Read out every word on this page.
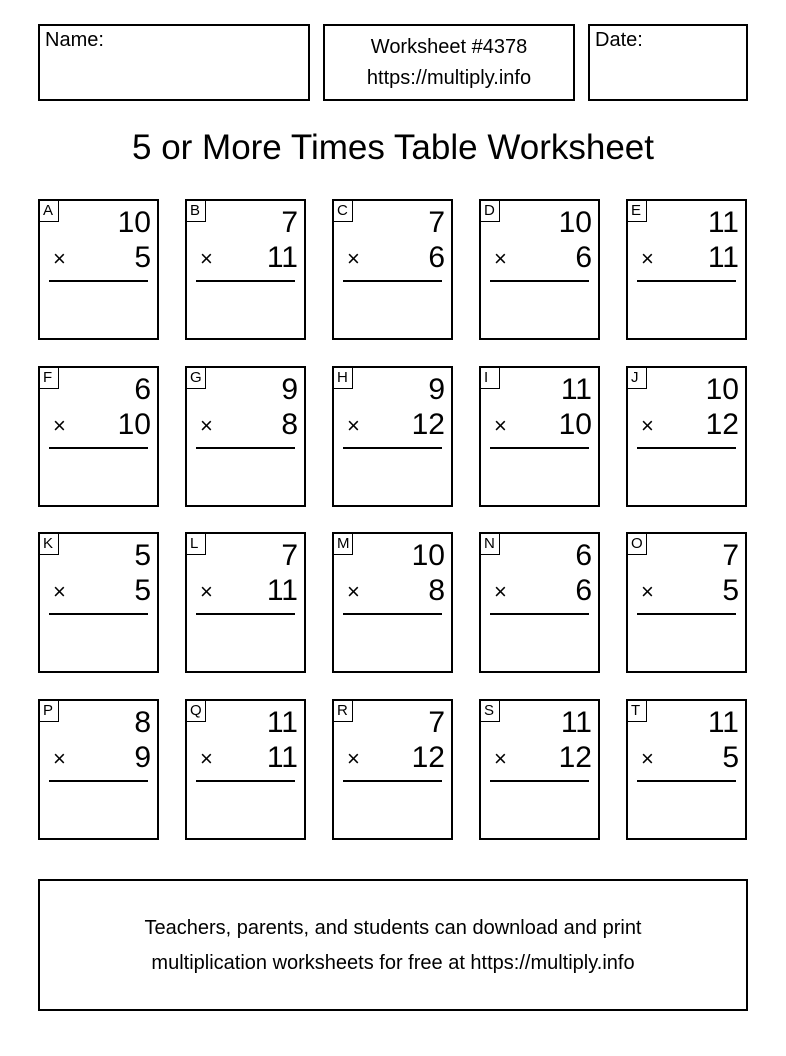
Name:	Worksheet #4378
https://multiply.info
Date:
5 or More Times Table Worksheet
A 10
× 5
B	7
× 11
C	7
× 6
D 10
× 6
E 11
× 11
F	6
× 10
G	9
× 8
H	9
× 12
I	11
× 10
J 10
× 12
K	5
× 5
L	7
× 11
M 10
× 8
N	6
× 6
O	7
× 5
P	8
× 9
Q 11
× 11
R	7
× 12
S 11
× 12
T 11
× 5
Teachers, parents, and students can download and print
multiplication worksheets for free at https://multiply.info
